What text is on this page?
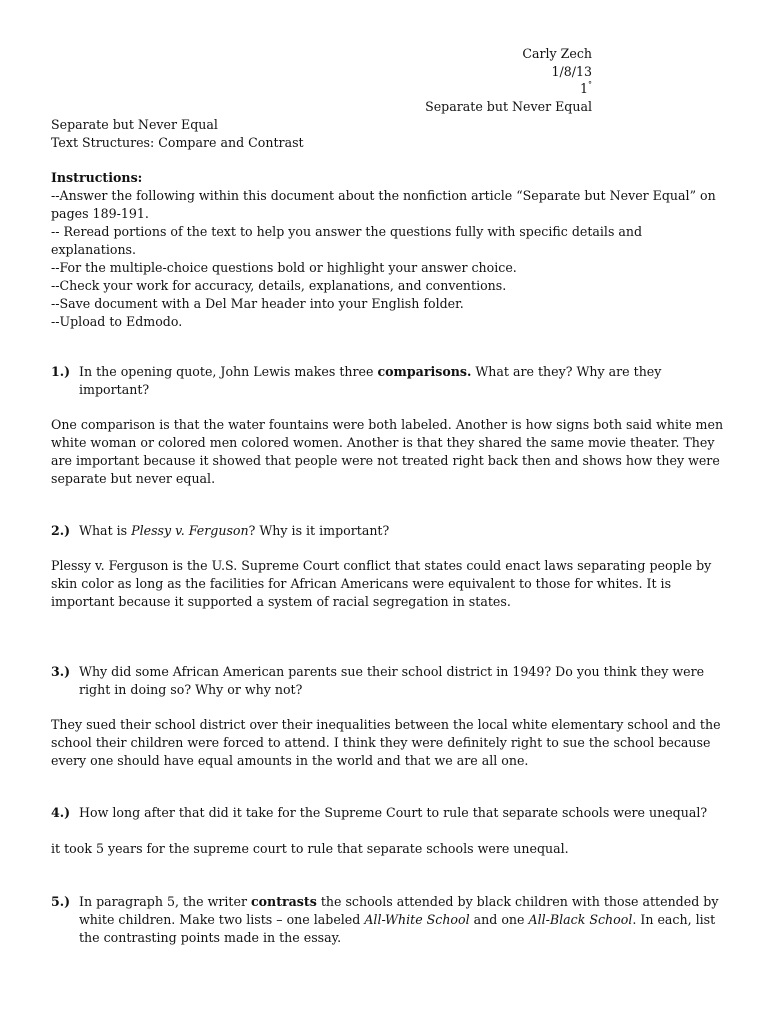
Carly Zech
1/8/13
1°
Separate but Never Equal
Separate but Never Equal
Text Structures: Compare and Contrast
Instructions:
--Answer the following within this document about the nonfiction article “Separate but Never Equal” on
pages 189-191.
-- Reread portions of the text to help you answer the questions fully with specific details and
explanations.
--For the multiple-choice questions bold or highlight your answer choice.
--Check your work for accuracy, details, explanations, and conventions.
--Save document with a Del Mar header into your English folder.
--Upload to Edmodo.
1.) In the opening quote, John Lewis makes three comparisons. What are they? Why are they
important?
One comparison is that the water fountains were both labeled. Another is how signs both said white men
white woman or colored men colored women. Another is that they shared the same movie theater. They
are important because it showed that people were not treated right back then and shows how they were
separate but never equal.
2.) What is Plessy v. Ferguson? Why is it important?
Plessy v. Ferguson is the U.S. Supreme Court conflict that states could enact laws separating people by
skin color as long as the facilities for African Americans were equivalent to those for whites. It is
important because it supported a system of racial segregation in states.
3.) Why did some African American parents sue their school district in 1949? Do you think they were
right in doing so? Why or why not?
They sued their school district over their inequalities between the local white elementary school and the
school their children were forced to attend. I think they were definitely right to sue the school because
every one should have equal amounts in the world and that we are all one.
4.) How long after that did it take for the Supreme Court to rule that separate schools were unequal?
it took 5 years for the supreme court to rule that separate schools were unequal.
5.) In paragraph 5, the writer contrasts the schools attended by black children with those attended by
white children. Make two lists – one labeled All-White School and one All-Black School. In each, list
the contrasting points made in the essay.
